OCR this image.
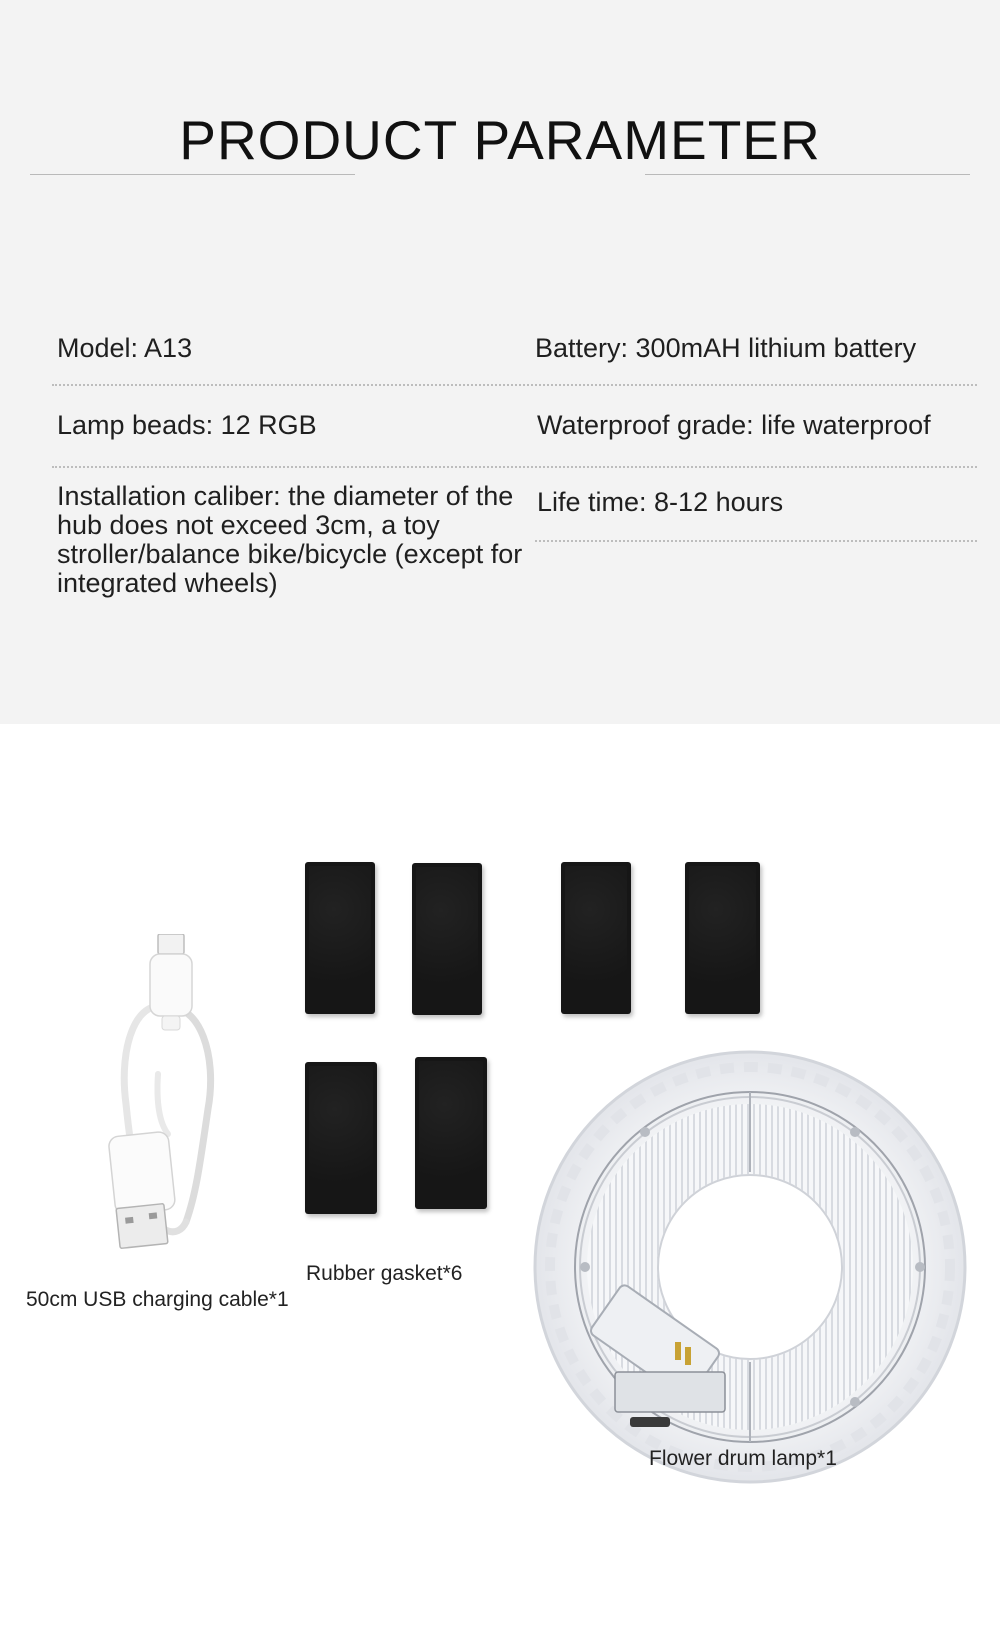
PRODUCT PARAMETER
Model: A13	Battery: 300mAH lithium battery
Lamp beads: 12 RGB	Waterproof grade: life waterproof
Installation caliber: the diameter of the hub does not exceed 3cm, a toy stroller/balance bike/bicycle (except for integrated wheels)
Life time: 8-12 hours
50cm USB charging cable*1
Rubber gasket*6
Flower drum lamp*1
